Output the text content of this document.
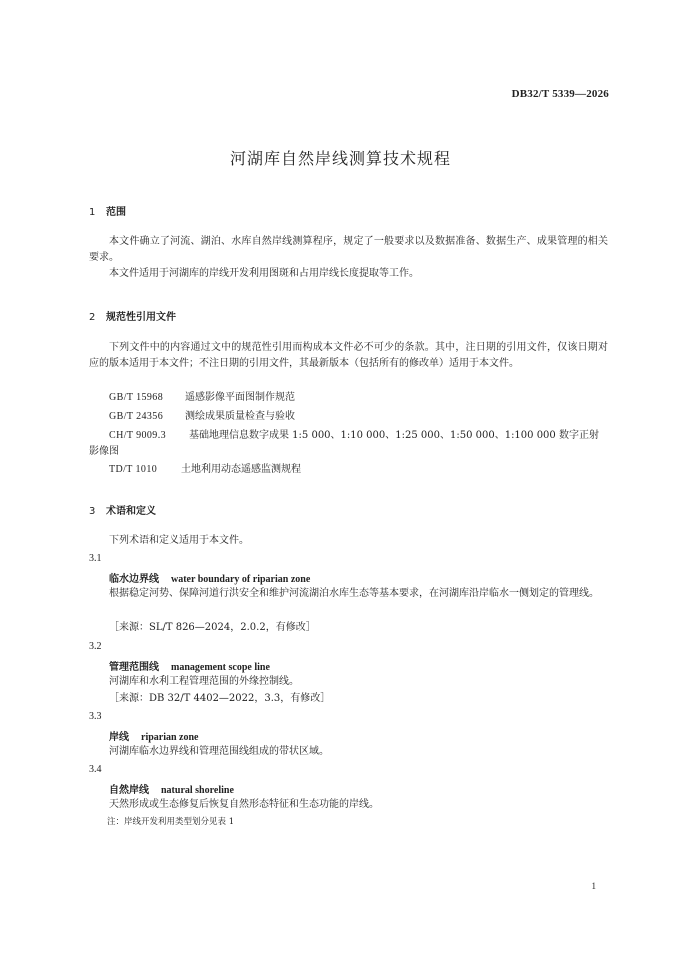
DB32/T 5339—2026
河湖库自然岸线测算技术规程
1 范围
本文件确立了河流、湖泊、水库自然岸线测算程序，规定了一般要求以及数据准备、数据生产、成果管理的相关要求。
本文件适用于河湖库的岸线开发利用图斑和占用岸线长度提取等工作。
2 规范性引用文件
下列文件中的内容通过文中的规范性引用而构成本文件必不可少的条款。其中，注日期的引用文件，仅该日期对应的版本适用于本文件；不注日期的引用文件，其最新版本（包括所有的修改单）适用于本文件。
GB/T 15968 遥感影像平面图制作规范
GB/T 24356 测绘成果质量检查与验收
CH/T 9009.3 基础地理信息数字成果 1:5 000、1:10 000、1:25 000、1:50 000、1:100 000 数字正射
影像图
TD/T 1010 土地利用动态遥感监测规程
3 术语和定义
下列术语和定义适用于本文件。
3.1
临水边界线 water boundary of riparian zone
根据稳定河势、保障河道行洪安全和维护河流湖泊水库生态等基本要求，在河湖库沿岸临水一侧划定的管理线。
［来源：SL/T 826—2024，2.0.2，有修改］
3.2
管理范围线 management scope line
河湖库和水利工程管理范围的外缘控制线。
［来源：DB 32/T 4402—2022，3.3，有修改］
3.3
岸线 riparian zone
河湖库临水边界线和管理范围线组成的带状区域。
3.4
自然岸线 natural shoreline
天然形成或生态修复后恢复自然形态特征和生态功能的岸线。
注：岸线开发利用类型划分见表 1
1
